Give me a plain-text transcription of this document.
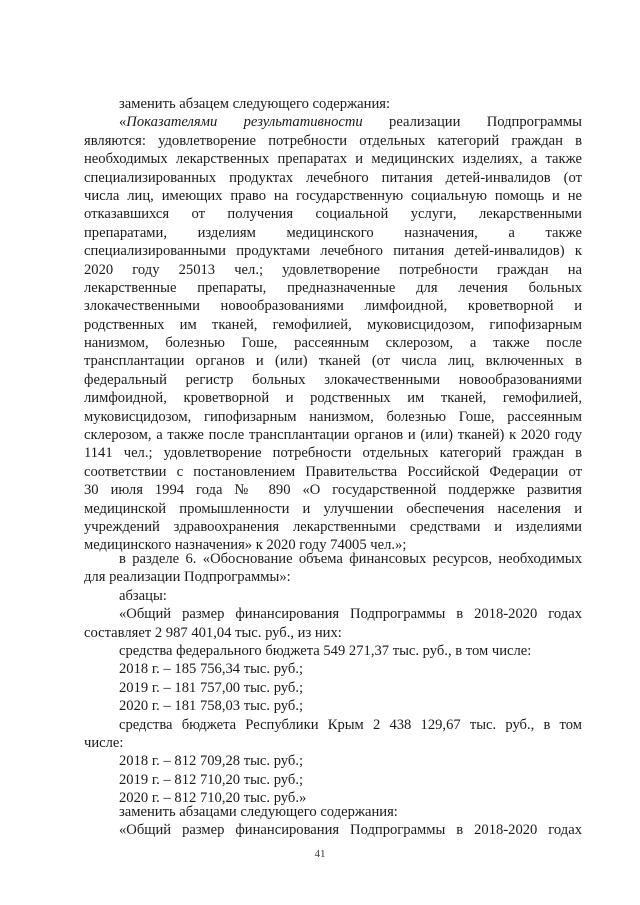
заменить абзацем следующего содержания:
«Показателями результативности реализации Подпрограммы
являются: удовлетворение потребности отдельных категорий граждан в
необходимых лекарственных препаратах и медицинских изделиях, а также
специализированных продуктах лечебного питания детей-инвалидов (от
числа лиц, имеющих право на государственную социальную помощь и не
отказавшихся от получения социальной услуги, лекарственными
препаратами, изделиям медицинского назначения, а также
специализированными продуктами лечебного питания детей-инвалидов) к
2020 году 25013 чел.; удовлетворение потребности граждан на
лекарственные препараты, предназначенные для лечения больных
злокачественными новообразованиями лимфоидной, кроветворной и
родственных им тканей, гемофилией, муковисцидозом, гипофизарным
нанизмом, болезнью Гоше, рассеянным склерозом, а также после
трансплантации органов и (или) тканей (от числа лиц, включенных в
федеральный регистр больных злокачественными новообразованиями
лимфоидной, кроветворной и родственных им тканей, гемофилией,
муковисцидозом, гипофизарным нанизмом, болезнью Гоше, рассеянным
склерозом, а также после трансплантации органов и (или) тканей) к 2020 году
1141 чел.; удовлетворение потребности отдельных категорий граждан в
соответствии с постановлением Правительства Российской Федерации от
30 июля 1994 года № 890 «О государственной поддержке развития
медицинской промышленности и улучшении обеспечения населения и
учреждений здравоохранения лекарственными средствами и изделиями
медицинского назначения» к 2020 году 74005 чел.»;
в разделе 6. «Обоснование объема финансовых ресурсов, необходимых
для реализации Подпрограммы»:
абзацы:
«Общий размер финансирования Подпрограммы в 2018-2020 годах
составляет 2 987 401,04 тыс. руб., из них:
средства федерального бюджета 549 271,37 тыс. руб., в том числе:
2018 г. – 185 756,34 тыс. руб.;
2019 г. – 181 757,00 тыс. руб.;
2020 г. – 181 758,03 тыс. руб.;
средства бюджета Республики Крым 2 438 129,67 тыс. руб., в том
числе:
2018 г. – 812 709,28 тыс. руб.;
2019 г. – 812 710,20 тыс. руб.;
2020 г. – 812 710,20 тыс. руб.»
заменить абзацами следующего содержания:
«Общий размер финансирования Подпрограммы в 2018-2020 годах
41
